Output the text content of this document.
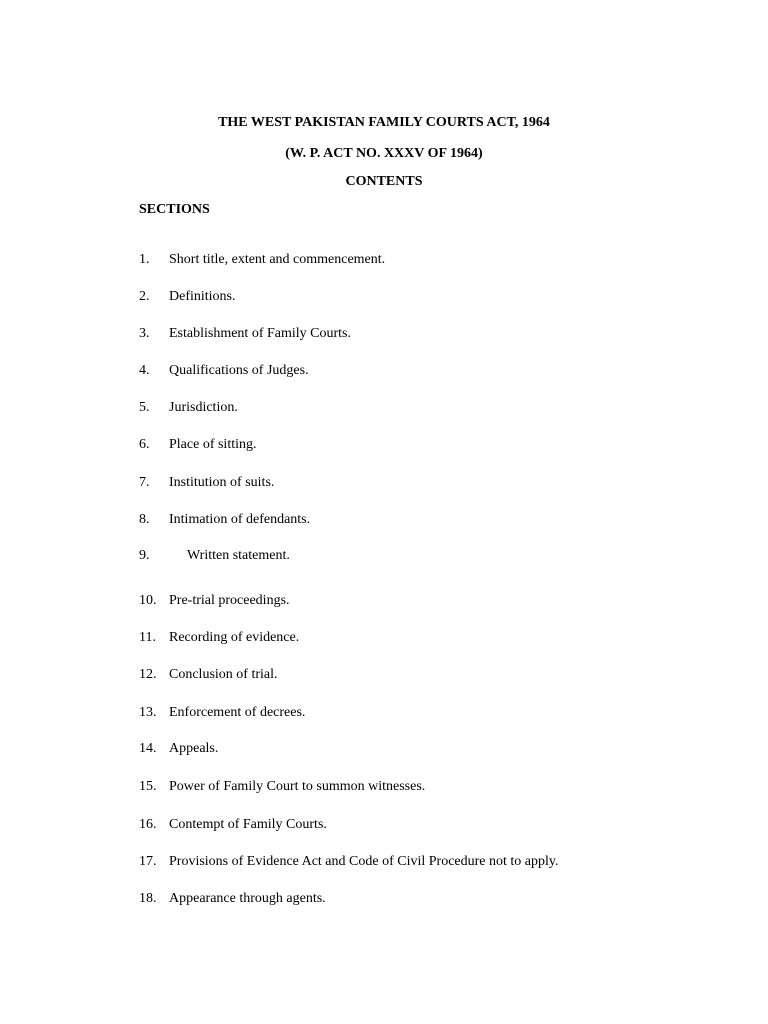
THE WEST PAKISTAN FAMILY COURTS ACT, 1964
(W. P. ACT NO. XXXV OF 1964)
CONTENTS
SECTIONS
1. Short title, extent and commencement.
2. Definitions.
3. Establishment of Family Courts.
4. Qualifications of Judges.
5. Jurisdiction.
6. Place of sitting.
7. Institution of suits.
8. Intimation of defendants.
9.	Written statement.
10. Pre-trial proceedings.
11. Recording of evidence.
12. Conclusion of trial.
13. Enforcement of decrees.
14. Appeals.
15. Power of Family Court to summon witnesses.
16. Contempt of Family Courts.
17. Provisions of Evidence Act and Code of Civil Procedure not to apply.
18. Appearance through agents.
